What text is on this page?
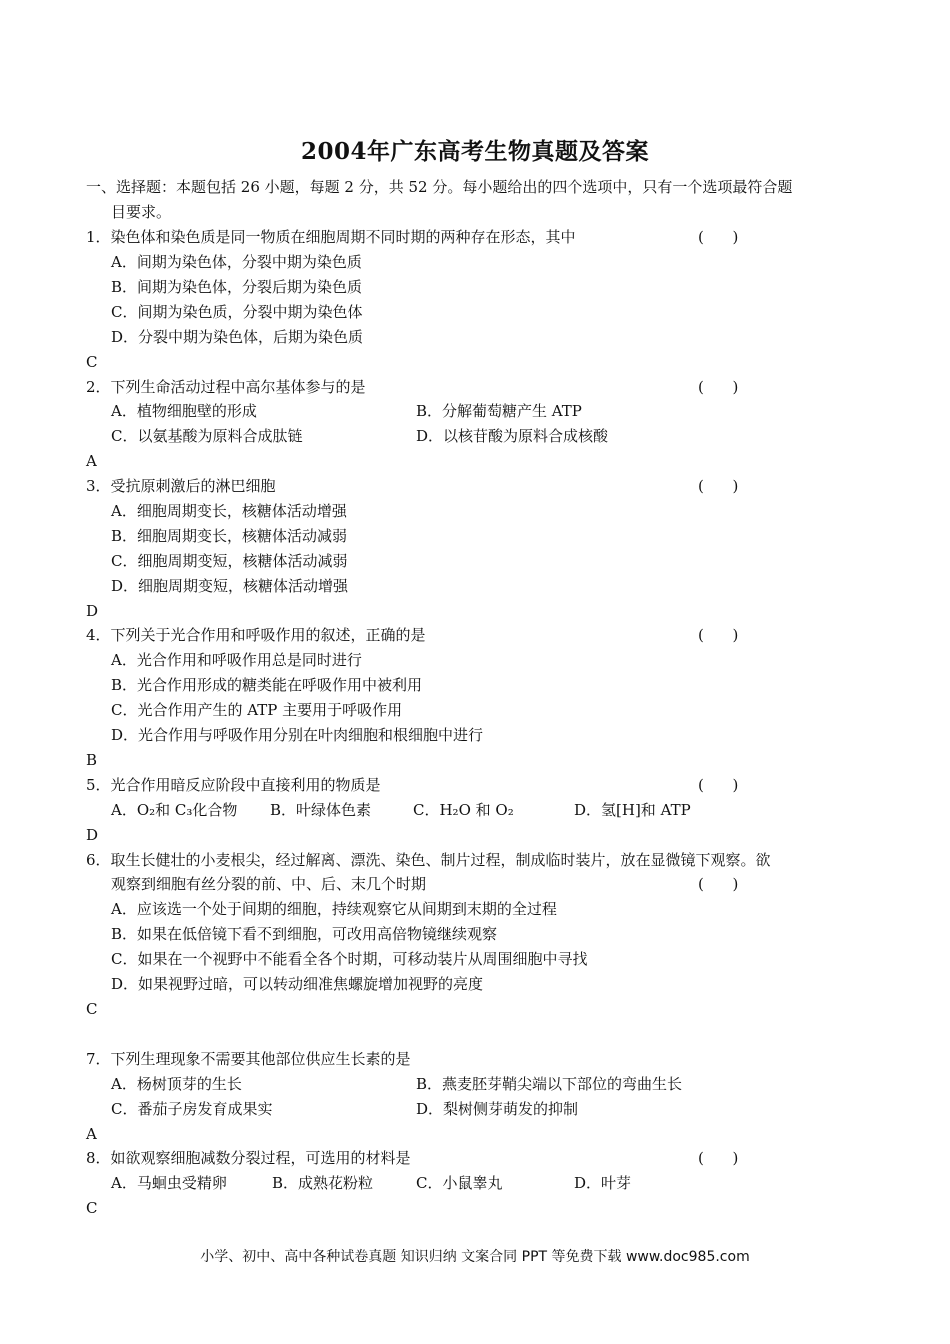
2004年广东高考生物真题及答案
一、选择题：本题包括 26 小题，每题 2 分，共 52 分。每小题给出的四个选项中，只有一个选项最符合题
目要求。
1．染色体和染色质是同一物质在细胞周期不同时期的两种存在形态，其中	(      )
A．间期为染色体，分裂中期为染色质
B．间期为染色体，分裂后期为染色质
C．间期为染色质，分裂中期为染色体
D．分裂中期为染色体，后期为染色质
C
2．下列生命活动过程中高尔基体参与的是	(      )
A．植物细胞壁的形成	B．分解葡萄糖产生 ATP
C．以氨基酸为原料合成肽链	D．以核苷酸为原料合成核酸
A
3．受抗原刺激后的淋巴细胞	(      )
A．细胞周期变长，核糖体活动增强
B．细胞周期变长，核糖体活动减弱
C．细胞周期变短，核糖体活动减弱
D．细胞周期变短，核糖体活动增强
D
4．下列关于光合作用和呼吸作用的叙述，正确的是	(      )
A．光合作用和呼吸作用总是同时进行
B．光合作用形成的糖类能在呼吸作用中被利用
C．光合作用产生的 ATP 主要用于呼吸作用
D．光合作用与呼吸作用分别在叶肉细胞和根细胞中进行
B
5．光合作用暗反应阶段中直接利用的物质是	(      )
A．O₂和 C₃化合物 B．叶绿体色素	C．H₂O 和 O₂	D．氢[H]和 ATP
D
6．取生长健壮的小麦根尖，经过解离、漂洗、染色、制片过程，制成临时装片，放在显微镜下观察。欲
观察到细胞有丝分裂的前、中、后、末几个时期	(      )
A．应该选一个处于间期的细胞，持续观察它从间期到末期的全过程
B．如果在低倍镜下看不到细胞，可改用高倍物镜继续观察
C．如果在一个视野中不能看全各个时期，可移动装片从周围细胞中寻找
D．如果视野过暗，可以转动细准焦螺旋增加视野的亮度
C
7．下列生理现象不需要其他部位供应生长素的是
A．杨树顶芽的生长	B．燕麦胚芽鞘尖端以下部位的弯曲生长
C．番茄子房发育成果实	D．梨树侧芽萌发的抑制
A
8．如欲观察细胞减数分裂过程，可选用的材料是	(      )
A．马蛔虫受精卵	B．成熟花粉粒	C．小鼠睾丸	D．叶芽
C
小学、初中、高中各种试卷真题 知识归纳 文案合同 PPT 等免费下载 www.doc985.com
